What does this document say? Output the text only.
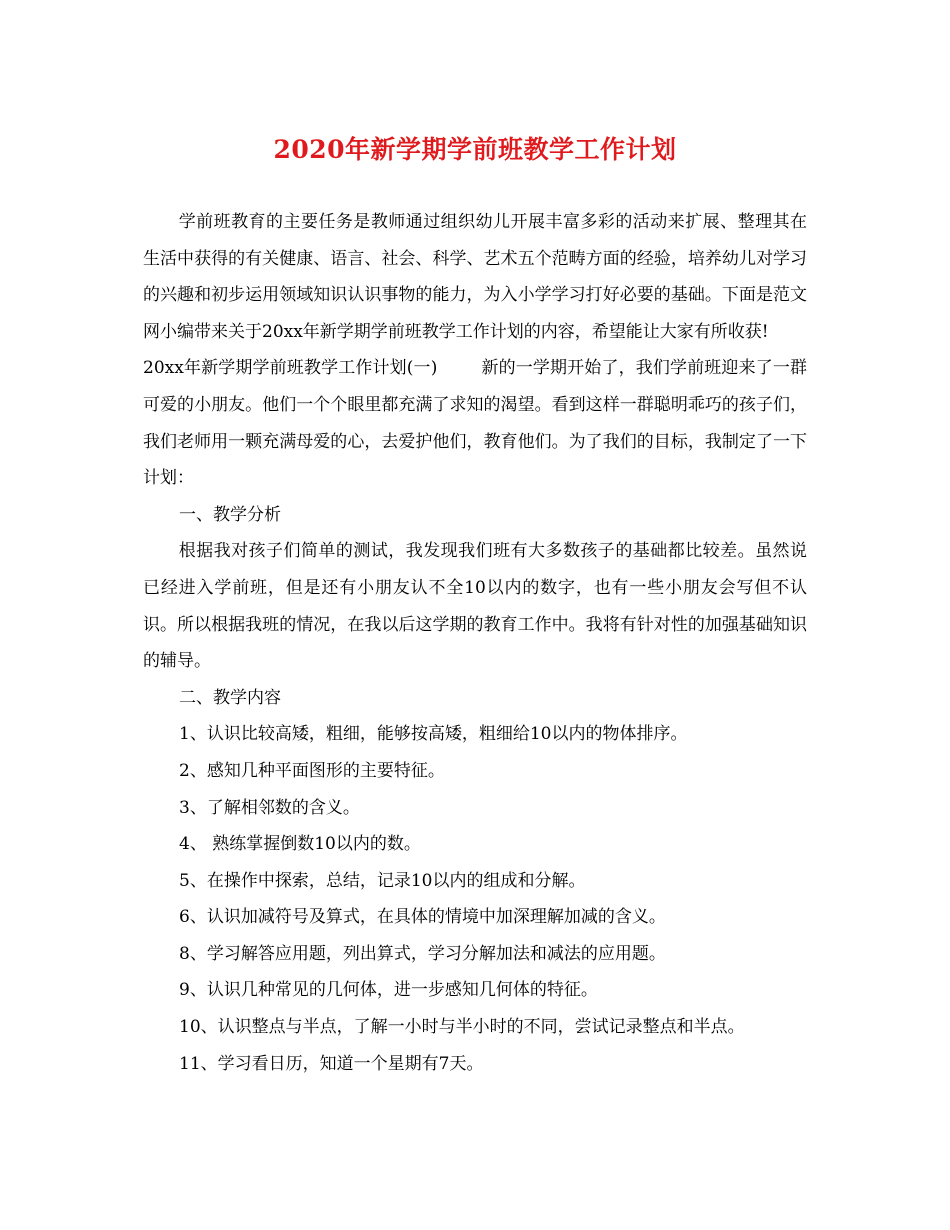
2020年新学期学前班教学工作计划

学前班教育的主要任务是教师通过组织幼儿开展丰富多彩的活动来扩展、整理其在生活中获得的有关健康、语言、社会、科学、艺术五个范畴方面的经验，培养幼儿对学习的兴趣和初步运用领域知识认识事物的能力，为入小学学习打好必要的基础。下面是范文网小编带来关于20xx年新学期学前班教学工作计划的内容，希望能让大家有所收获!

20xx年新学期学前班教学工作计划(一)	新的一学期开始了，我们学前班迎来了一群可爱的小朋友。他们一个个眼里都充满了求知的渴望。看到这样一群聪明乖巧的孩子们，我们老师用一颗充满母爱的心，去爱护他们，教育他们。为了我们的目标，我制定了一下计划：

一、教学分析

根据我对孩子们简单的测试，我发现我们班有大多数孩子的基础都比较差。虽然说已经进入学前班，但是还有小朋友认不全10以内的数字，也有一些小朋友会写但不认识。所以根据我班的情况，在我以后这学期的教育工作中。我将有针对性的加强基础知识的辅导。

二、教学内容

1、认识比较高矮，粗细，能够按高矮，粗细给10以内的物体排序。

2、感知几种平面图形的主要特征。

3、了解相邻数的含义。

4、 熟练掌握倒数10以内的数。

5、在操作中探索，总结，记录10以内的组成和分解。

6、认识加减符号及算式，在具体的情境中加深理解加减的含义。

8、学习解答应用题，列出算式，学习分解加法和减法的应用题。

9、认识几种常见的几何体，进一步感知几何体的特征。

10、认识整点与半点，了解一小时与半小时的不同，尝试记录整点和半点。

11、学习看日历，知道一个星期有7天。
